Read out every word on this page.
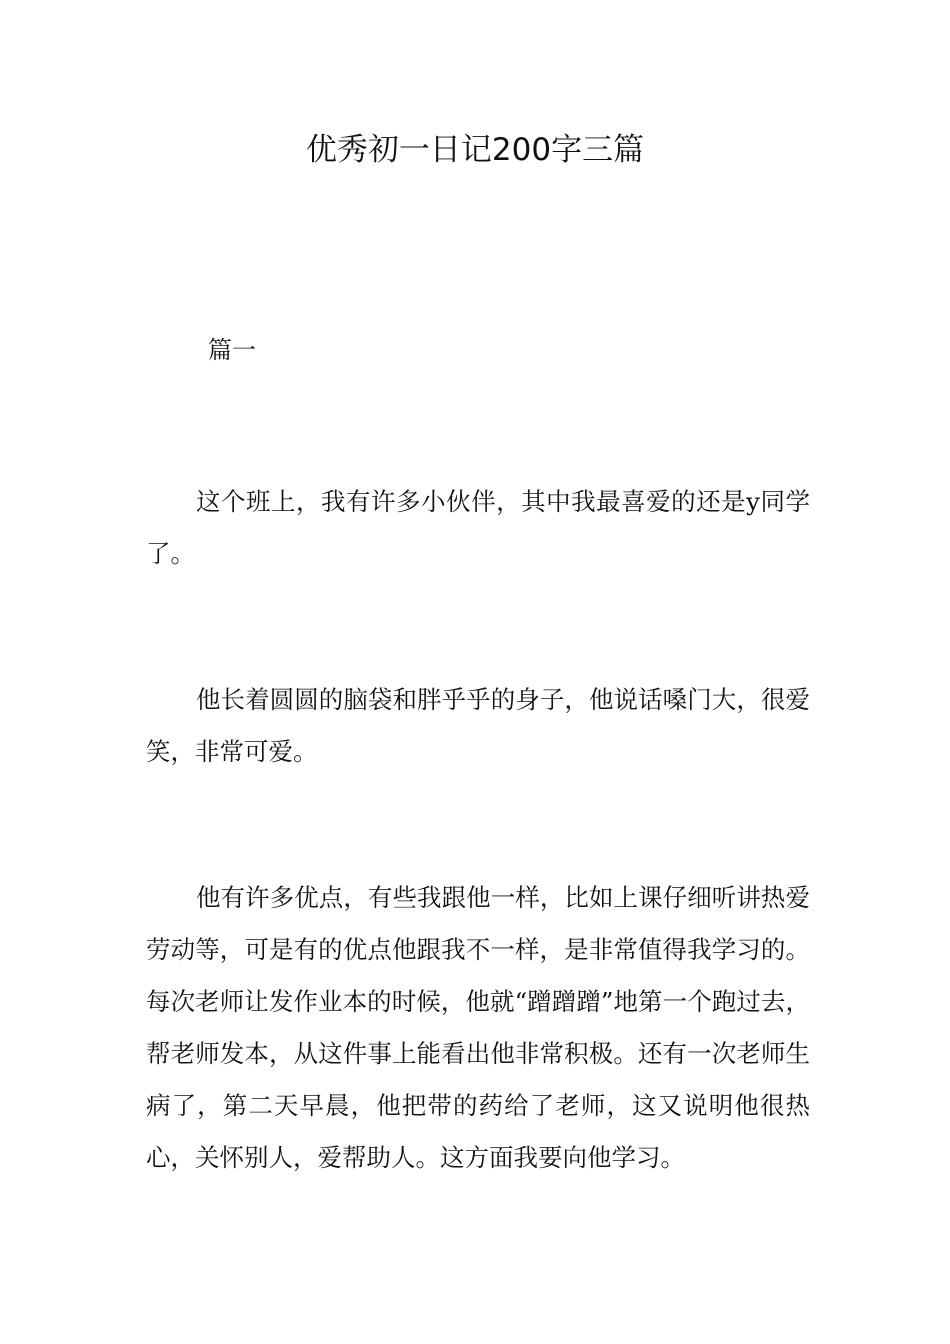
优秀初一日记200字三篇
篇一

这个班上，我有许多小伙伴，其中我最喜爱的还是y同学了。

他长着圆圆的脑袋和胖乎乎的身子，他说话嗓门大，很爱笑，非常可爱。

他有许多优点，有些我跟他一样，比如上课仔细听讲热爱劳动等，可是有的优点他跟我不一样，是非常值得我学习的。每次老师让发作业本的时候，他就“蹭蹭蹭”地第一个跑过去，帮老师发本，从这件事上能看出他非常积极。还有一次老师生病了，第二天早晨，他把带的药给了老师，这又说明他很热心，关怀别人，爱帮助人。这方面我要向他学习。
